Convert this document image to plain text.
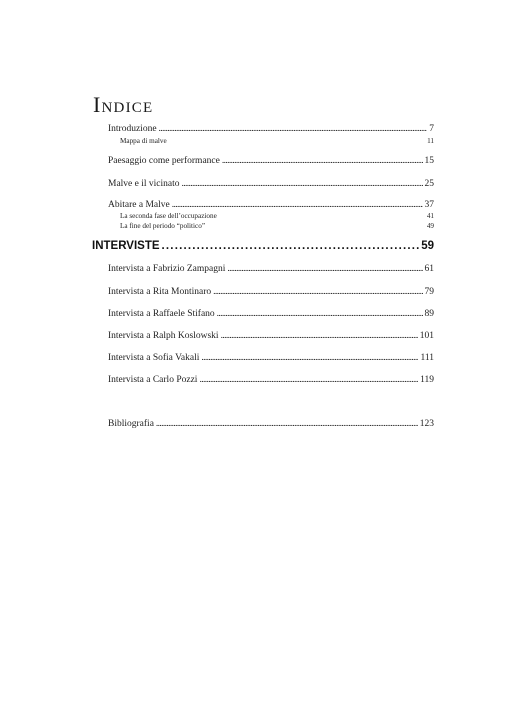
Indice
Introduzione . . .	7
Mappa di malve	11
Paesaggio come performance . . .	15
Malve e il vicinato . . .	25
Abitare a Malve . . .	37
La seconda fase dell’occupazione	41
La fine del periodo “politico”	49
INTERVISTE . . .	59
Intervista a Fabrizio Zampagni . . .	61
Intervista a Rita Montinaro . . .	79
Intervista a Raffaele Stifano . . .	89
Intervista a Ralph Koslowski . . .	101
Intervista a Sofia Vakali . . .	111
Intervista a Carlo Pozzi . . .	119
Bibliografia . . .	123
